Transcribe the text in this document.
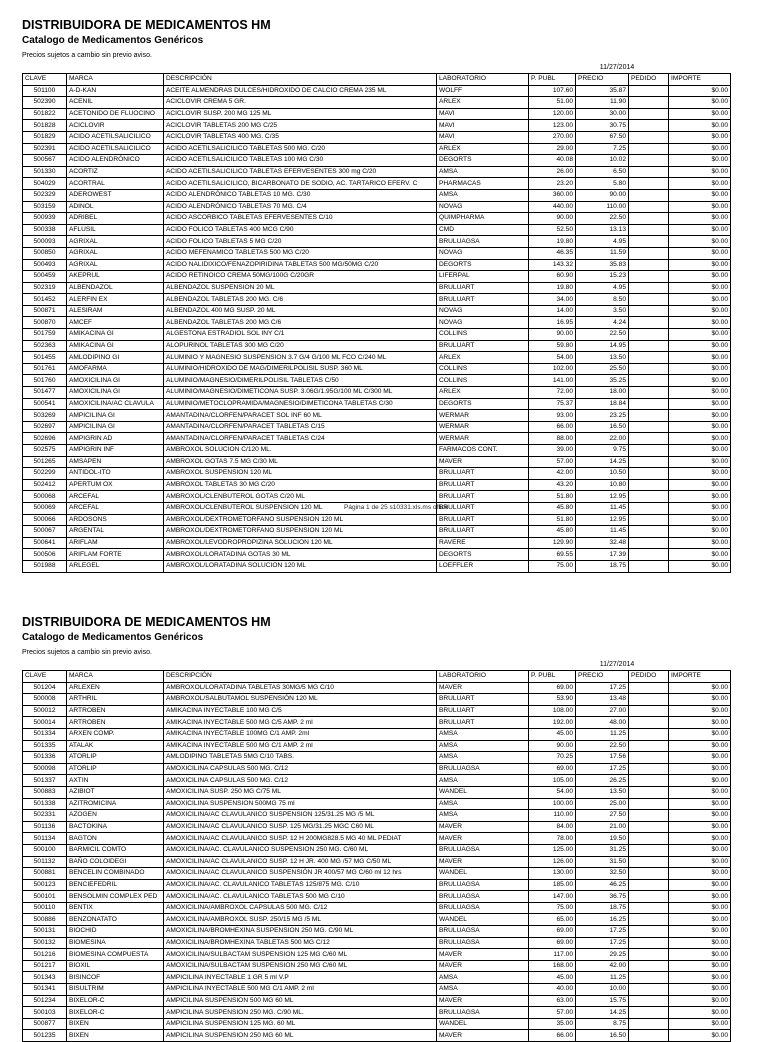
DISTRIBUIDORA DE MEDICAMENTOS HM
Catalogo de Medicamentos Genéricos
Precios sujetos a cambio sin previo aviso.
11/27/2014
CLAVE	MARCA	DESCRIPCIÓN	LABORATORIO	P. PUBL	PRECIO	PEDIDO	IMPORTE
501100	A-D-KAN	ACEITE ALMENDRAS DULCES/HIDROXIDO DE CALCIO CREMA 235 ML	WOLFF	107.60	35.87		$0.00
502390	ACENIL	ACICLOVIR CREMA 5 GR.	ARLEX	51.00	11.90		$0.00
501822	ACETONIDO DE FLUOCINO	ACICLOVIR SUSP. 200 MG 125 ML	MAVI	120.00	30.00		$0.00
501828	ACICLOVIR	ACICLOVIR TABLETAS 200 MG C/25	MAVI	123.00	30.75		$0.00
501829	ACIDO ACETILSALICILICO	ACICLOVIR TABLETAS 400 MG. C/35	MAVI	270.00	67.50		$0.00
502391	ACIDO ACETILSALICILICO	ACIDO ACETILSALICILICO TABLETAS 500 MG. C/20	ARLEX	29.00	7.25		$0.00
500567	ACIDO ALENDRÓNICO	ACIDO ACETILSALICILICO TABLETAS 100 MG C/30	DEGORTS	40.08	10.02		$0.00
501330	ACORTIZ	ACIDO ACETILSALICILICO TABLETAS EFERVESENTES 300 mg C/20	AMSA	26.00	6.50		$0.00
504029	ACORTRAL	ACIDO ACETILSALICILICO, BICARBONATO DE SODIO, AC. TARTARICO EFERV. C	PHARMACAS	23.20	5.80		$0.00
502329	ADEROWEST	ACIDO ALENDRÓNICO TABLETAS 10 MG. C/30	AMSA	360.00	90.00		$0.00
503159	ADINOL	ACIDO ALENDRÓNICO TABLETAS 70 MG. C/4	NOVAG	440.00	110.00		$0.00
500939	ADRIBEL	ACIDO ASCORBICO TABLETAS EFERVESENTES C/10	QUIMPHARMA	90.00	22.50		$0.00
500338	AFLUSIL	ACIDO FOLICO TABLETAS 400 MCG C/90	CMD	52.50	13.13		$0.00
500093	AGRIXAL	ACIDO FOLICO TABLETAS 5 MG C/20	BRULUAGSA	19.80	4.95		$0.00
500850	AGRIXAL	ACIDO MEFENAMICO TABLETAS 500 MG C/20	NOVAG	46.35	11.59		$0.00
500493	AGRIXAL	ACIDO NALIDIXICO/FENAZOPIRIDINA TABLETAS 500 MG/50MG C/20	DEGORTS	143.32	35.83		$0.00
500459	AKEPRUL	ACIDO RETINOICO CREMA 50MG/100G C/20GR	LIFERPAL	60.90	15.23		$0.00
502319	ALBENDAZOL	ALBENDAZOL SUSPENSION 20 ML	BRULUART	19.80	4.95		$0.00
501452	ALERFIN EX	ALBENDAZOL TABLETAS 200 MG. C/6	BRULUART	34.00	8.50		$0.00
500871	ALESIRAM	ALBENDAZOL 400 MG SUSP. 20 ML	NOVAG	14.00	3.50		$0.00
500870	AMCEF	ALBENDAZOL TABLETAS 200 MG C/6	NOVAG	16.95	4.24		$0.00
501759	AMIKACINA GI	ALGESTONA ESTRADIOL SOL INY C/1	COLLINS	90.00	22.50		$0.00
502363	AMIKACINA GI	ALOPURINOL TABLETAS 300 MG C/20	BRULUART	59.80	14.95		$0.00
501455	AMLODIPINO GI	ALUMINIO Y MAGNESIO SUSPENSION 3.7 G/4 G/100 ML FCO C/240 ML	ARLEX	54.00	13.50		$0.00
501761	AMOFARMA	ALUMINIO/HIDROXIDO DE MAG/DIMERILPOLISIL SUSP. 360 ML	COLLINS	102.00	25.50		$0.00
501760	AMOXICILINA GI	ALUMINIO/MAGNESIO/DIMERILPOLISIL TABLETAS C/50	COLLINS	141.00	35.25		$0.00
501477	AMOXICILINA GI	ALUMINIO/MAGNESIO/DIMETICONA SUSP. 3.06G/1.95G/100 ML C/300 ML	ARLEX	72.00	18.00		$0.00
500541	AMOXICILINA/AC CLAVULA	ALUMINIO/METOCLOPRAMIDA/MAGNESIO/DIMETICONA TABLETAS C/30	DEGORTS	75.37	18.84		$0.00
503269	AMPICILINA GI	AMANTADINA/CLORFEN/PARACET SOL INF 60 ML	WERMAR	93.00	23.25		$0.00
502697	AMPICILINA GI	AMANTADINA/CLORFEN/PARACET TABLETAS C/15	WERMAR	66.00	16.50		$0.00
502696	AMPIGRIN AD	AMANTADINA/CLORFEN/PARACET TABLETAS C/24	WERMAR	88.00	22.00		$0.00
502575	AMPIGRIN INF	AMBROXOL SOLUCION C/120 ML.	FARMACOS CONT.	39.00	9.75		$0.00
501265	AMSAPEN	AMBROXOL GOTAS 7.5 MG C/30 ML	MAVER	57.00	14.25		$0.00
502299	ANTIDOL-ITO	AMBROXOL SUSPENSION 120 ML	BRULUART	42.00	10.50		$0.00
502412	APERTUM OX	AMBROXOL TABLETAS 30 MG C/20	BRULUART	43.20	10.80		$0.00
500068	ARCEFAL	AMBROXOL/CLENBUTEROL GOTAS C/20 ML	BRULUART	51.80	12.95		$0.00
500069	ARCEFAL	AMBROXOL/CLENBUTEROL SUSPENSION 120 ML	BRULUART	45.80	11.45		$0.00
500066	ARDOSONS	AMBROXOL/DEXTROMETORFANO SUSPENSION 120 ML	BRULUART	51.80	12.95		$0.00
500067	ARGENTAL	AMBROXOL/DEXTROMETORFANO SUSPENSION 120 ML	BRULUART	45.80	11.45		$0.00
500641	ARIFLAM	AMBROXOL/LEVODROPROPIZINA SOLUCION 120 ML	RAVERE	129.90	32.48		$0.00
500506	ARIFLAM FORTE	AMBROXOL/LORATADINA GOTAS 30 ML	DEGORTS	69.55	17.39		$0.00
501988	ARLEGEL	AMBROXOL/LORATADINA SOLUCION 120 ML	LOEFFLER	75.00	18.75		$0.00
Página 1 de 25 s10331.xls.ms office
DISTRIBUIDORA DE MEDICAMENTOS HM
Catalogo de Medicamentos Genéricos
Precios sujetos a cambio sin previo aviso.
11/27/2014
CLAVE	MARCA	DESCRIPCIÓN	LABORATORIO	P. PUBL	PRECIO	PEDIDO	IMPORTE
501204	ARLEXEN	AMBROXOL/LORATADINA TABLETAS 30MG/5 MG C/10	MAVER	69.00	17.25		$0.00
500008	ARTHRIL	AMBROXOL/SALBUTAMOL SUSPENSIÓN 120 ML	BRULUART	53.90	13.48		$0.00
500012	ARTROBEN	AMIKACINA INYECTABLE 100 MG C/5	BRULUART	108.00	27.00		$0.00
500014	ARTROBEN	AMIKACINA INYECTABLE 500 MG C/5 AMP. 2 ml	BRULUART	192.00	48.00		$0.00
501334	ARXEN COMP.	AMIKACINA INYECTABLE 100MG C/1 AMP. 2ml	AMSA	45.00	11.25		$0.00
501335	ATALAK	AMIKACINA INYECTABLE 500 MG C/1 AMP. 2 ml	AMSA	90.00	22.50		$0.00
501336	ATORLIP	AMLODIPINO TABLETAS 5MG C/10 TABS.	AMSA	70.25	17.56		$0.00
500098	ATORLIP	AMOXICILINA CAPSULAS 500 MG. C/12	BRULUAGSA	69.00	17.25		$0.00
501337	AXTIN	AMOXICILINA CAPSULAS 500 MG. C/12	AMSA	105.00	26.25		$0.00
500883	AZIBIOT	AMOXICILINA SUSP. 250 MG C/75 ML	WANDEL	54.00	13.50		$0.00
501338	AZITROMICINA	AMOXICILINA SUSPENSION 500MG 75 ml	AMSA	100.00	25.00		$0.00
502331	AZOGEN	AMOXICILINA/AC CLAVULANICO SUSPENSION 125/31.25 MG /5 ML	AMSA	110.00	27.50		$0.00
501136	BACTOKINA	AMOXICILINA/AC CLAVULANICO SUSP. 125 MG/31.25 MGC C60 ML	MAVER	84.00	21.00		$0.00
501134	BAGTON	AMOXICILINA/AC CLAVULANICO SUSP. 12 H 200MG828.5 MG 40 ML PEDIAT	MAVER	78.00	19.50		$0.00
500100	BARMICIL COMTO	AMOXICILINA/AC. CLAVULANICO SUSPENSION 250 MG. C/60 ML	BRULUAGSA	125.00	31.25		$0.00
501132	BAÑO COLOIDEGI	AMOXICILINA/AC CLAVULANICO SUSP. 12 H JR. 400 MG /57 MG C/50 ML	MAVER	126.00	31.50		$0.00
500881	BENCELIN COMBINADO	AMOXICILINA/AC CLAVULANICO SUSPENSIÓN JR 400/57 MG C/60 ml 12 hrs	WANDEL	130.00	32.50		$0.00
500123	BENCIEFEDRIL	AMOXICILINA/AC. CLAVULANICO TABLETAS 125/875 MG. C/10	BRULUAGSA	185.00	46.25		$0.00
500101	BENSOLMIN COMPLEX PED	AMOXICILINA/AC. CLAVULANICO TABLETAS 500 MG C/10	BRULUAGSA	147.00	36.75		$0.00
500110	BENTIX	AMOXICILINA/AMBROXOL CAPSULAS 500 MG. C/12	BRULUAGSA	75.00	18.75		$0.00
500886	BENZONATATO	AMOXICILINA/AMBROXOL SUSP. 250/15 MG /5 ML	WANDEL	65.00	16.25		$0.00
500131	BIOCHID	AMOXICILINA/BROMHEXINA SUSPENSION 250 MG. C/90 ML	BRULUAGSA	69.00	17.25		$0.00
500132	BIOMESINA	AMOXICILINA/BROMHEXINA TABLETAS 500 MG C/12	BRULUAGSA	69.00	17.25		$0.00
501216	BIOMESINA COMPUESTA	AMOXICILINA/SULBACTAM SUSPENSION 125 MG C/60 ML	MAVER	117.00	29.25		$0.00
501217	BIOXIL	AMOXICILINA/SULBACTAM SUSPENSION 250 MG C/60 ML	MAVER	168.00	42.00		$0.00
501343	BISINCOF	AMPICILINA INYECTABLE 1 GR 5 ml V.P	AMSA	45.00	11.25		$0.00
501341	BISULTRIM	AMPICILINA INYECTABLE 500 MG C/1 AMP. 2 ml	AMSA	40.00	10.00		$0.00
501234	BIXELOR-C	AMPICILINA SUSPENSION 500 MG 60 ML	MAVER	63.00	15.75		$0.00
500103	BIXELOR-C	AMPICILINA SUSPENSION 250 MG. C/90 ML.	BRULUAGSA	57.00	14.25		$0.00
500877	BIXEN	AMPICILINA SUSPENSION 125 MG. 60 ML	WANDEL	35.00	8.75		$0.00
501235	BIXEN	AMPICILINA SUSPENSION 250 MG 60 ML	MAVER	66.00	16.50		$0.00
